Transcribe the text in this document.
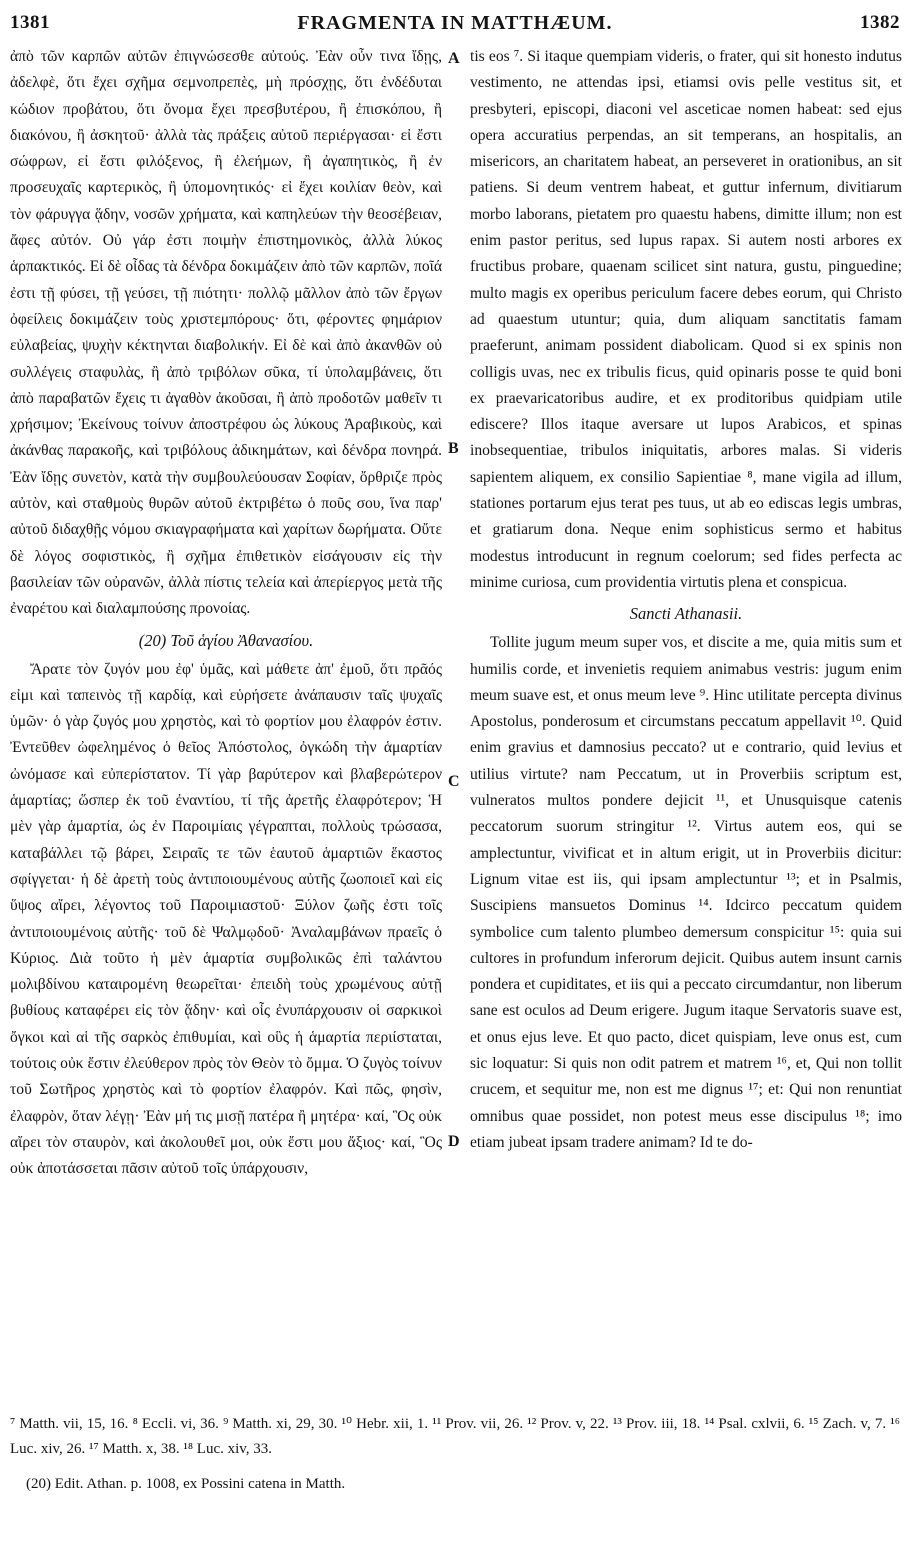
1381	FRAGMENTA IN MATTHÆUM.	1382

ἀπὸ τῶν καρπῶν αὐτῶν ἐπιγνώσεσθε αὐτούς. Ἐὰν οὖν τινα ἴδῃς, ἀδελφὲ, ὅτι ἔχει σχῆμα σεμνοπρεπὲς, μὴ πρόσχῃς, ὅτι ἐνδέδυται κώδιον προβάτου, ὅτι ὄνομα ἔχει πρεσβυτέρου, ἢ ἐπισκόπου, ἢ διακόνου, ἢ ἀσκητοῦ· ἀλλὰ τὰς πράξεις αὐτοῦ περιέργασαι· εἰ ἔστι σώφρων, εἰ ἔστι φιλόξενος, ἢ ἐλεήμων, ἢ ἀγαπητικὸς, ἢ ἐν προσευχαῖς καρτερικὸς, ἢ ὑπομονητικός· εἰ ἔχει κοιλίαν θεὸν, καὶ τὸν φάρυγγα ᾅδην, νοσῶν χρήματα, καὶ καπηλεύων τὴν θεοσέβειαν, ἄφες αὐτόν. Οὐ γάρ ἐστι ποιμὴν ἐπιστημονικὸς, ἀλλὰ λύκος ἁρπακτικός. Εἰ δὲ οἶδας τὰ δένδρα δοκιμάζειν ἀπὸ τῶν καρπῶν, ποῖά ἐστι τῇ φύσει, τῇ γεύσει, τῇ πιότητι· πολλῷ μᾶλλον ἀπὸ τῶν ἔργων ὀφείλεις δοκιμάζειν τοὺς χριστεμπόρους· ὅτι, φέροντες φημάριον εὐλαβείας, ψυχὴν κέκτηνται διαβολικήν. Εἰ δὲ καὶ ἀπὸ ἀκανθῶν οὐ συλλέγεις σταφυλὰς, ἢ ἀπὸ τριβόλων σῦκα, τί ὑπολαμβάνεις, ὅτι ἀπὸ παραβατῶν ἔχεις τι ἀγαθὸν ἀκοῦσαι, ἢ ἀπὸ προδοτῶν μαθεῖν τι χρήσιμον; Ἐκείνους τοίνυν ἀποστρέφου ὡς λύκους Ἀραβικοὺς, καὶ ἀκάνθας παρακοῆς, καὶ τριβόλους ἀδικημάτων, καὶ δένδρα πονηρά. Ἐὰν ἴδῃς συνετὸν, κατὰ τὴν συμβουλεύουσαν Σοφίαν, ὄρθριζε πρὸς αὐτὸν, καὶ σταθμοὺς θυρῶν αὐτοῦ ἐκτριβέτω ὁ ποῦς σου, ἵνα παρ' αὐτοῦ διδαχθῇς νόμου σκιαγραφήματα καὶ χαρίτων δωρήματα. Οὔτε δὲ λόγος σοφιστικὸς, ἢ σχῆμα ἐπιθετικὸν εἰσάγουσιν εἰς τὴν βασιλείαν τῶν οὐρανῶν, ἀλλὰ πίστις τελεία καὶ ἀπερίεργος μετὰ τῆς ἐναρέτου καὶ διαλαμπούσης προνοίας.

(20) Τοῦ ἁγίου Ἀθανασίου.

Ἄρατε τὸν ζυγόν μου ἐφ' ὑμᾶς, καὶ μάθετε ἀπ' ἐμοῦ, ὅτι πρᾶός εἰμι καὶ ταπεινὸς τῇ καρδίᾳ, καὶ εὑρήσετε ἀνάπαυσιν ταῖς ψυχαῖς ὑμῶν· ὁ γὰρ ζυγός μου χρηστὸς, καὶ τὸ φορτίον μου ἐλαφρόν ἐστιν. Ἐντεῦθεν ὠφεληµένος ὁ θεῖος Ἀπόστολος, ὀγκώδη τὴν ἁμαρτίαν ὠνόμασε καὶ εὐπερίστατον. Τί γὰρ βαρύτερον καὶ βλαβερώτερον ἁμαρτίας; ὥσπερ ἐκ τοῦ ἐναντίου, τί τῆς ἀρετῆς ἐλαφρότερον; Ἡ μὲν γὰρ ἁμαρτία, ὡς ἐν Παροιμίαις γέγραπται, πολλοὺς τρώσασα, καταβάλλει τῷ βάρει, Σειραῖς τε τῶν ἑαυτοῦ ἁμαρτιῶν ἕκαστος σφίγγεται· ἡ δὲ ἀρετὴ τοὺς ἀντιποιουμένους αὐτῆς ζωοποιεῖ καὶ εἰς ὕψος αἴρει, λέγοντος τοῦ Παροιμιαστοῦ· Ξύλον ζωῆς ἐστι τοῖς ἀντιποιουμένοις αὐτῆς· τοῦ δὲ Ψαλμῳδοῦ· Ἀναλαμβάνων πραεῖς ὁ Κύριος. Διὰ τοῦτο ἡ μὲν ἁμαρτία συμβολικῶς ἐπὶ ταλάντου μολιβδίνου καταιρομένη θεωρεῖται· ἐπειδὴ τοὺς χρωμένους αὐτῇ βυθίους καταφέρει εἰς τὸν ᾅδην· καὶ οἷς ἐνυπάρχουσιν οἱ σαρκικοὶ ὄγκοι καὶ αἱ τῆς σαρκὸς ἐπιθυμίαι, καὶ οὓς ἡ ἁμαρτία περιίσταται, τούτοις οὐκ ἔστιν ἐλεύθερον πρὸς τὸν Θεὸν τὸ ὄμμα. Ὁ ζυγὸς τοίνυν τοῦ Σωτῆρος χρηστὸς καὶ τὸ φορτίον ἐλαφρόν. Καὶ πῶς, φησὶν, ἐλαφρὸν, ὅταν λέγῃ· Ἐὰν μή τις μισῇ πατέρα ἢ μητέρα· καί, Ὃς οὐκ αἴρει τὸν σταυρὸν, καὶ ἀκολουθεῖ μοι, οὐκ ἔστι μου ἄξιος· καί, Ὃς οὐκ ἀποτάσσεται πᾶσιν αὐτοῦ τοῖς ὑπάρχουσιν,

A
B
C
D

tis eos ⁷. Si itaque quempiam videris, o frater, qui sit honesto indutus vestimento, ne attendas ipsi, etiamsi ovis pelle vestitus sit, et presbyteri, episcopi, diaconi vel asceticae nomen habeat: sed ejus opera accuratius perpendas, an sit temperans, an hospitalis, an misericors, an charitatem habeat, an perseveret in orationibus, an sit patiens. Si deum ventrem habeat, et guttur infernum, divitiarum morbo laborans, pietatem pro quaestu habens, dimitte illum; non est enim pastor peritus, sed lupus rapax. Si autem nosti arbores ex fructibus probare, quaenam scilicet sint natura, gustu, pinguedine; multo magis ex operibus periculum facere debes eorum, qui Christo ad quaestum utuntur; quia, dum aliquam sanctitatis famam praeferunt, animam possident diabolicam. Quod si ex spinis non colligis uvas, nec ex tribulis ficus, quid opinaris posse te quid boni ex praevaricatoribus audire, et ex proditoribus quidpiam utile ediscere? Illos itaque aversare ut lupos Arabicos, et spinas inobsequentiae, tribulos iniquitatis, arbores malas. Si videris sapientem aliquem, ex consilio Sapientiae ⁸, mane vigila ad illum, stationes portarum ejus terat pes tuus, ut ab eo ediscas legis umbras, et gratiarum dona. Neque enim sophisticus sermo et habitus modestus introducunt in regnum coelorum; sed fides perfecta ac minime curiosa, cum providentia virtutis plena et conspicua.

Sancti Athanasii.

Tollite jugum meum super vos, et discite a me, quia mitis sum et humilis corde, et invenietis requiem animabus vestris: jugum enim meum suave est, et onus meum leve ⁹. Hinc utilitate percepta divinus Apostolus, ponderosum et circumstans peccatum appellavit ¹⁰. Quid enim gravius et damnosius peccato? ut e contrario, quid levius et utilius virtute? nam Peccatum, ut in Proverbiis scriptum est, vulneratos multos pondere dejicit ¹¹, et Unusquisque catenis peccatorum suorum stringitur ¹². Virtus autem eos, qui se amplectuntur, vivificat et in altum erigit, ut in Proverbiis dicitur: Lignum vitae est iis, qui ipsam amplectuntur ¹³; et in Psalmis, Suscipiens mansuetos Dominus ¹⁴. Idcirco peccatum quidem symbolice cum talento plumbeo demersum conspicitur ¹⁵: quia sui cultores in profundum inferorum dejicit. Quibus autem insunt carnis pondera et cupiditates, et iis qui a peccato circumdantur, non liberum sane est oculos ad Deum erigere. Jugum itaque Servatoris suave est, et onus ejus leve. Et quo pacto, dicet quispiam, leve onus est, cum sic loquatur: Si quis non odit patrem et matrem ¹⁶, et, Qui non tollit crucem, et sequitur me, non est me dignus ¹⁷; et: Qui non renuntiat omnibus quae possidet, non potest meus esse discipulus ¹⁸; imo etiam jubeat ipsam tradere animam? Id te do-

⁷ Matth. vii, 15, 16. ⁸ Eccli. vi, 36. ⁹ Matth. xi, 29, 30. ¹⁰ Hebr. xii, 1. ¹¹ Prov. vii, 26. ¹² Prov. v, 22. ¹³ Prov. iii, 18. ¹⁴ Psal. cxlvii, 6. ¹⁵ Zach. v, 7. ¹⁶ Luc. xiv, 26. ¹⁷ Matth. x, 38. ¹⁸ Luc. xiv, 33.

(20) Edit. Athan. p. 1008, ex Possini catena in Matth.
